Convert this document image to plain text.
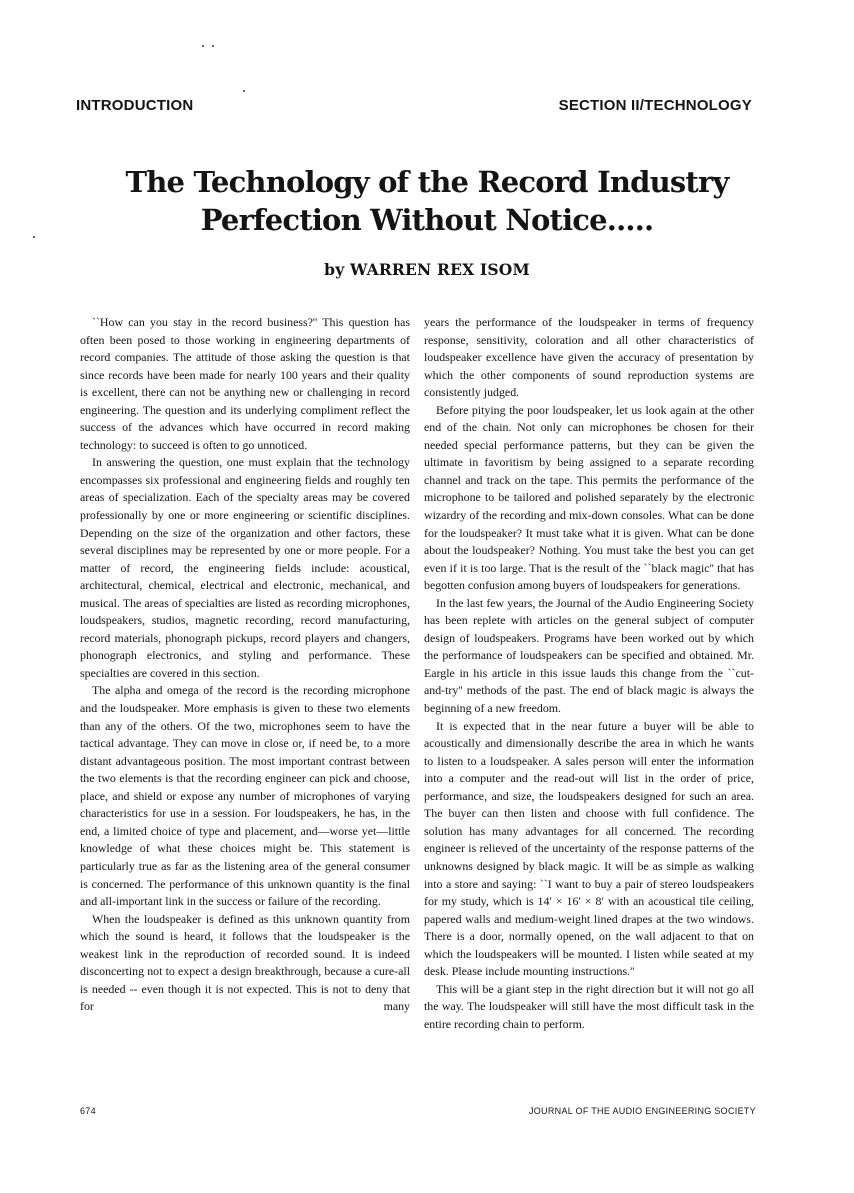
INTRODUCTION	SECTION II/TECHNOLOGY
The Technology of the Record Industry
Perfection Without Notice.....
by WARREN REX ISOM

``How can you stay in the record business?'' This question has often been posed to those working in engineering departments of record companies. The attitude of those asking the question is that since records have been made for nearly 100 years and their quality is excellent, there can not be anything new or challenging in record engineering. The question and its underlying compliment reflect the success of the advances which have occurred in record making technology: to succeed is often to go unnoticed.

In answering the question, one must explain that the technology encompasses six professional and engineering fields and roughly ten areas of specialization. Each of the specialty areas may be covered professionally by one or more engineering or scientific disciplines. Depending on the size of the organization and other factors, these several disciplines may be represented by one or more people. For a matter of record, the engineering fields include: acoustical, architectural, chemical, electrical and electronic, mechanical, and musical. The areas of specialties are listed as recording microphones, loudspeakers, studios, magnetic recording, record manufacturing, record materials, phonograph pickups, record players and changers, phonograph electronics, and styling and performance. These specialties are covered in this section.

The alpha and omega of the record is the recording microphone and the loudspeaker. More emphasis is given to these two elements than any of the others. Of the two, microphones seem to have the tactical advantage. They can move in close or, if need be, to a more distant advantageous position. The most important contrast between the two elements is that the recording engineer can pick and choose, place, and shield or expose any number of microphones of varying characteristics for use in a session. For loudspeakers, he has, in the end, a limited choice of type and placement, and—worse yet—little knowledge of what these choices might be. This statement is particularly true as far as the listening area of the general consumer is concerned. The performance of this unknown quantity is the final and all-important link in the success or failure of the recording.

When the loudspeaker is defined as this unknown quantity from which the sound is heard, it follows that the loudspeaker is the weakest link in the reproduction of recorded sound. It is indeed disconcerting not to expect a design breakthrough, because a cure-all is needed -- even though it is not expected. This is not to deny that for many

years the performance of the loudspeaker in terms of frequency response, sensitivity, coloration and all other characteristics of loudspeaker excellence have given the accuracy of presentation by which the other components of sound reproduction systems are consistently judged.

Before pitying the poor loudspeaker, let us look again at the other end of the chain. Not only can microphones be chosen for their needed special performance patterns, but they can be given the ultimate in favoritism by being assigned to a separate recording channel and track on the tape. This permits the performance of the microphone to be tailored and polished separately by the electronic wizardry of the recording and mix-down consoles. What can be done for the loudspeaker? It must take what it is given. What can be done about the loudspeaker? Nothing. You must take the best you can get even if it is too large. That is the result of the ``black magic'' that has begotten confusion among buyers of loudspeakers for generations.

In the last few years, the Journal of the Audio Engineering Society has been replete with articles on the general subject of computer design of loudspeakers. Programs have been worked out by which the performance of loudspeakers can be specified and obtained. Mr. Eargle in his article in this issue lauds this change from the ``cut-and-try'' methods of the past. The end of black magic is always the beginning of a new freedom.

It is expected that in the near future a buyer will be able to acoustically and dimensionally describe the area in which he wants to listen to a loudspeaker. A sales person will enter the information into a computer and the read-out will list in the order of price, performance, and size, the loudspeakers designed for such an area. The buyer can then listen and choose with full confidence. The solution has many advantages for all concerned. The recording engineer is relieved of the uncertainty of the response patterns of the unknowns designed by black magic. It will be as simple as walking into a store and saying: ``I want to buy a pair of stereo loudspeakers for my study, which is 14′ × 16′ × 8′ with an acoustical tile ceiling, papered walls and medium-weight lined drapes at the two windows. There is a door, normally opened, on the wall adjacent to that on which the loudspeakers will be mounted. I listen while seated at my desk. Please include mounting instructions.''

This will be a giant step in the right direction but it will not go all the way. The loudspeaker will still have the most difficult task in the entire recording chain to perform.

674	JOURNAL OF THE AUDIO ENGINEERING SOCIETY
